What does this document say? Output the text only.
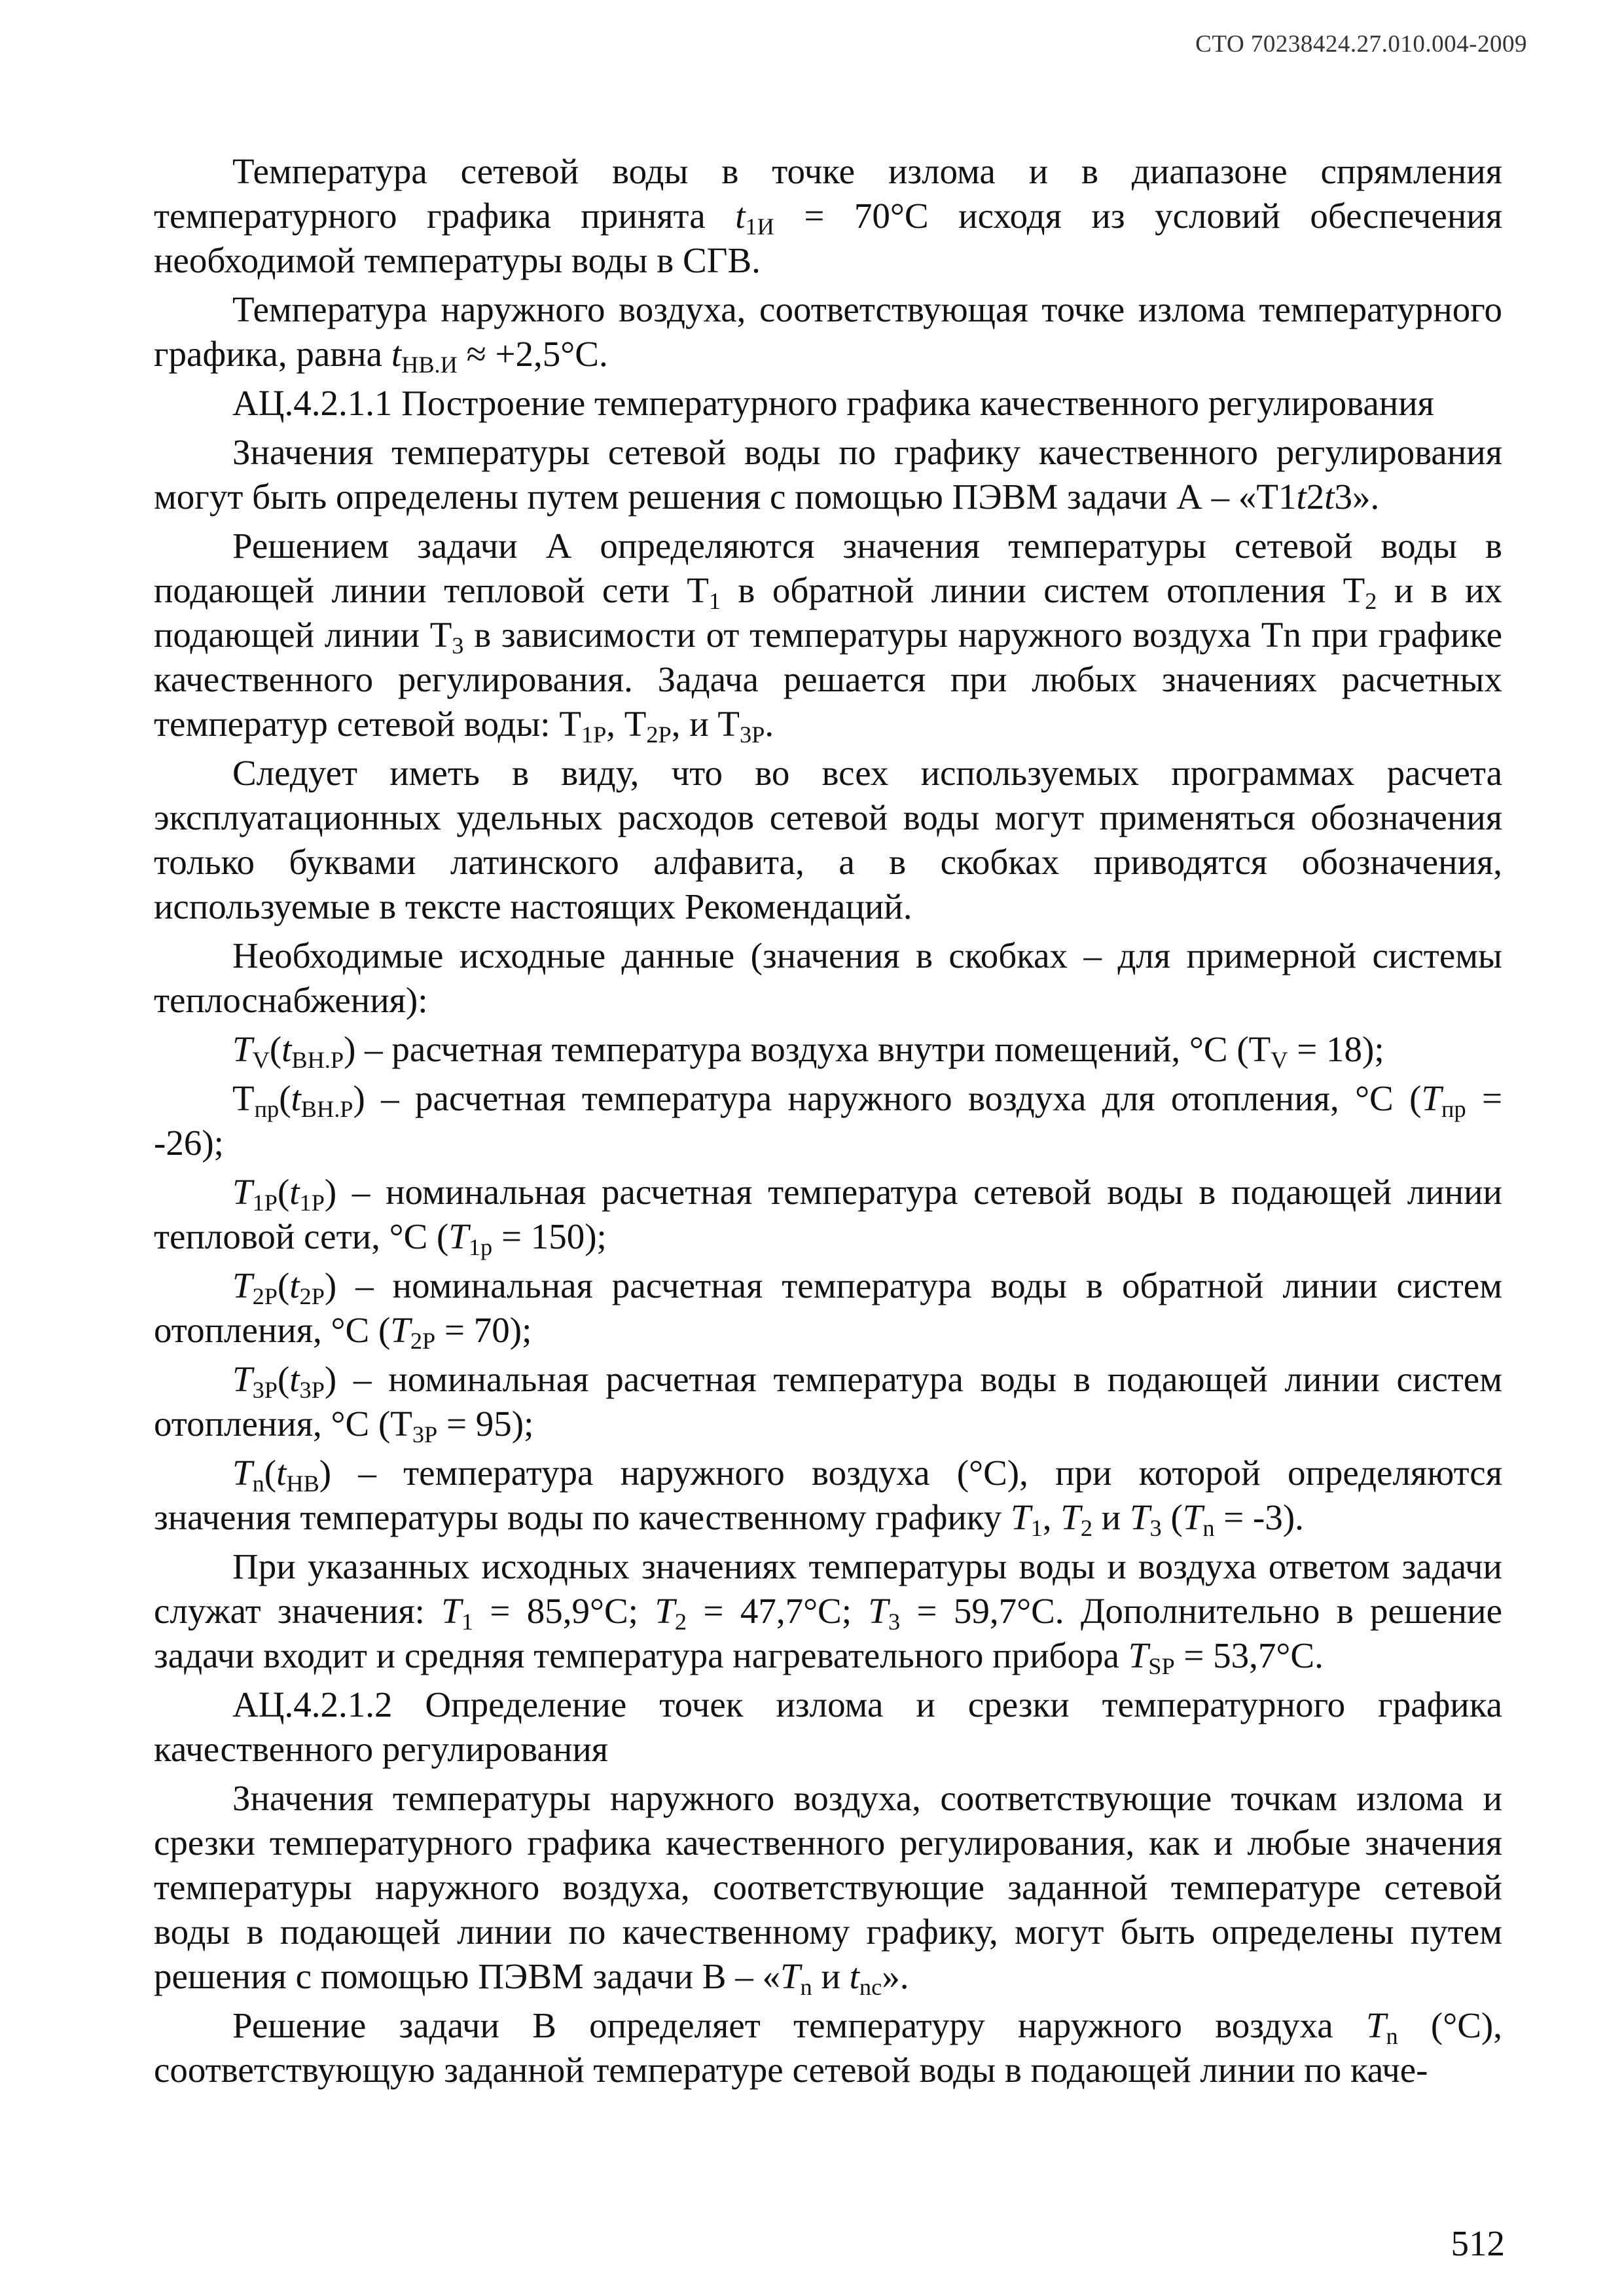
СТО 70238424.27.010.004-2009

Температура сетевой воды в точке излома и в диапазоне спрямления температурного графика принята $t_{1И} = 70^\circ С$ исходя из условий обеспечения необходимой температуры воды в СГВ.

Температура наружного воздуха, соответствующая точке излома температурного графика, равна $t_{НВ.И} \approx +2,5^\circ С$.

АЦ.4.2.1.1 Построение температурного графика качественного регулирования

Значения температуры сетевой воды по графику качественного регулирования могут быть определены путем решения с помощью ПЭВМ задачи А – «Т1t2t3».

Решением задачи А определяются значения температуры сетевой воды в подающей линии тепловой сети $Т_1$ в обратной линии систем отопления $Т_2$ и в их подающей линии $Т_3$ в зависимости от температуры наружного воздуха Тn при графике качественного регулирования. Задача решается при любых значениях расчетных температур сетевой воды: $Т_{1Р}$, $Т_{2Р}$, и $Т_{3Р}$.

Следует иметь в виду, что во всех используемых программах расчета эксплуатационных удельных расходов сетевой воды могут применяться обозначения только буквами латинского алфавита, а в скобках приводятся обозначения, используемые в тексте настоящих Рекомендаций.

Необходимые исходные данные (значения в скобках – для примерной системы теплоснабжения):

$T_V(t_{ВН.Р})$ – расчетная температура воздуха внутри помещений, °С $(Т_V = 18)$;

$Т_{пр}(t_{ВН.Р})$ – расчетная температура наружного воздуха для отопления, °С $(Т_{пр} = -26)$;

$Т_{1Р}(t_{1Р})$ – номинальная расчетная температура сетевой воды в подающей линии тепловой сети, °С $(Т_{1р} = 150)$;

$Т_{2Р}(t_{2Р})$ – номинальная расчетная температура воды в обратной линии систем отопления, °С $(Т_{2Р} = 70)$;

$Т_{3Р}(t_{3Р})$ – номинальная расчетная температура воды в подающей линии систем отопления, °С $(Т_{3Р} = 95)$;

$Т_n(t_{НВ})$ – температура наружного воздуха (°С), при которой определяются значения температуры воды по качественному графику $Т_1$, $Т_2$ и $Т_3$ $(Т_n = -3)$.

При указанных исходных значениях температуры воды и воздуха ответом задачи служат значения: $Т_1 = 85,9^\circ С$; $Т_2 = 47,7^\circ С$; $Т_3 = 59,7^\circ С$. Дополнительно в решение задачи входит и средняя температура нагревательного прибора $Т_{SP} = 53,7^\circ С$.

АЦ.4.2.1.2 Определение точек излома и срезки температурного графика качественного регулирования

Значения температуры наружного воздуха, соответствующие точкам излома и срезки температурного графика качественного регулирования, как и любые значения температуры наружного воздуха, соответствующие заданной температуре сетевой воды в подающей линии по качественному графику, могут быть определены путем решения с помощью ПЭВМ задачи В – «$Т_n$ и $t_{nc}$».

Решение задачи В определяет температуру наружного воздуха $Т_n$ (°С), соответствующую заданной температуре сетевой воды в подающей линии по каче-

512
